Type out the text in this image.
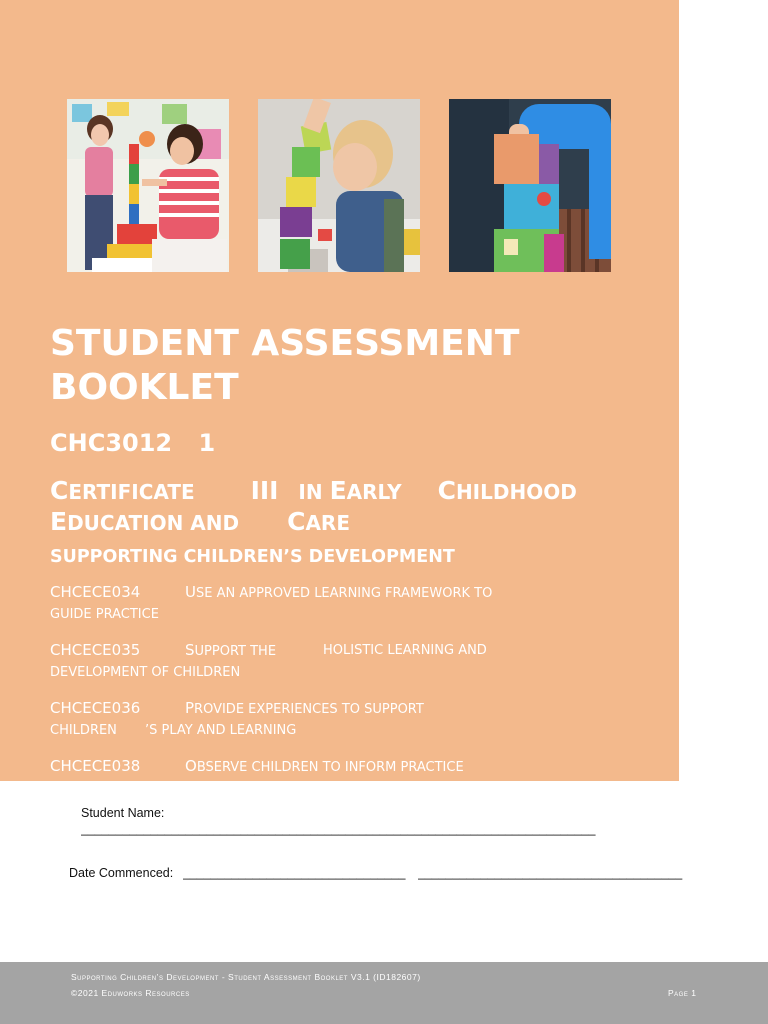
STUDENT ASSESSMENT
BOOKLET
CHC3012 1
CERTIFICATE III IN EARLY CHILDHOOD
EDUCATION AND CARE
SUPPORTING CHILDREN’S DEVELOPMENT
CHCECE034	USE AN APPROVED LEARNING FRAMEWORK TO
GUIDE PRACTICE
CHCECE035	SUPPORT THE	HOLISTIC LEARNING AND
DEVELOPMENT OF CHILDREN
CHCECE036	PROVIDE EXPERIENCES TO SUPPORT
CHILDREN ’S PLAY AND LEARNING
CHCECE038	OBSERVE CHILDREN TO INFORM PRACTICE
Student Name:
__________________________________________________________________________
Date Commenced: ________________________________	______________________________________
Supporting Children’s Development - Student Assessment Booklet V3.1 (ID182607)
©2021 Eduworks Resources	Page 1
